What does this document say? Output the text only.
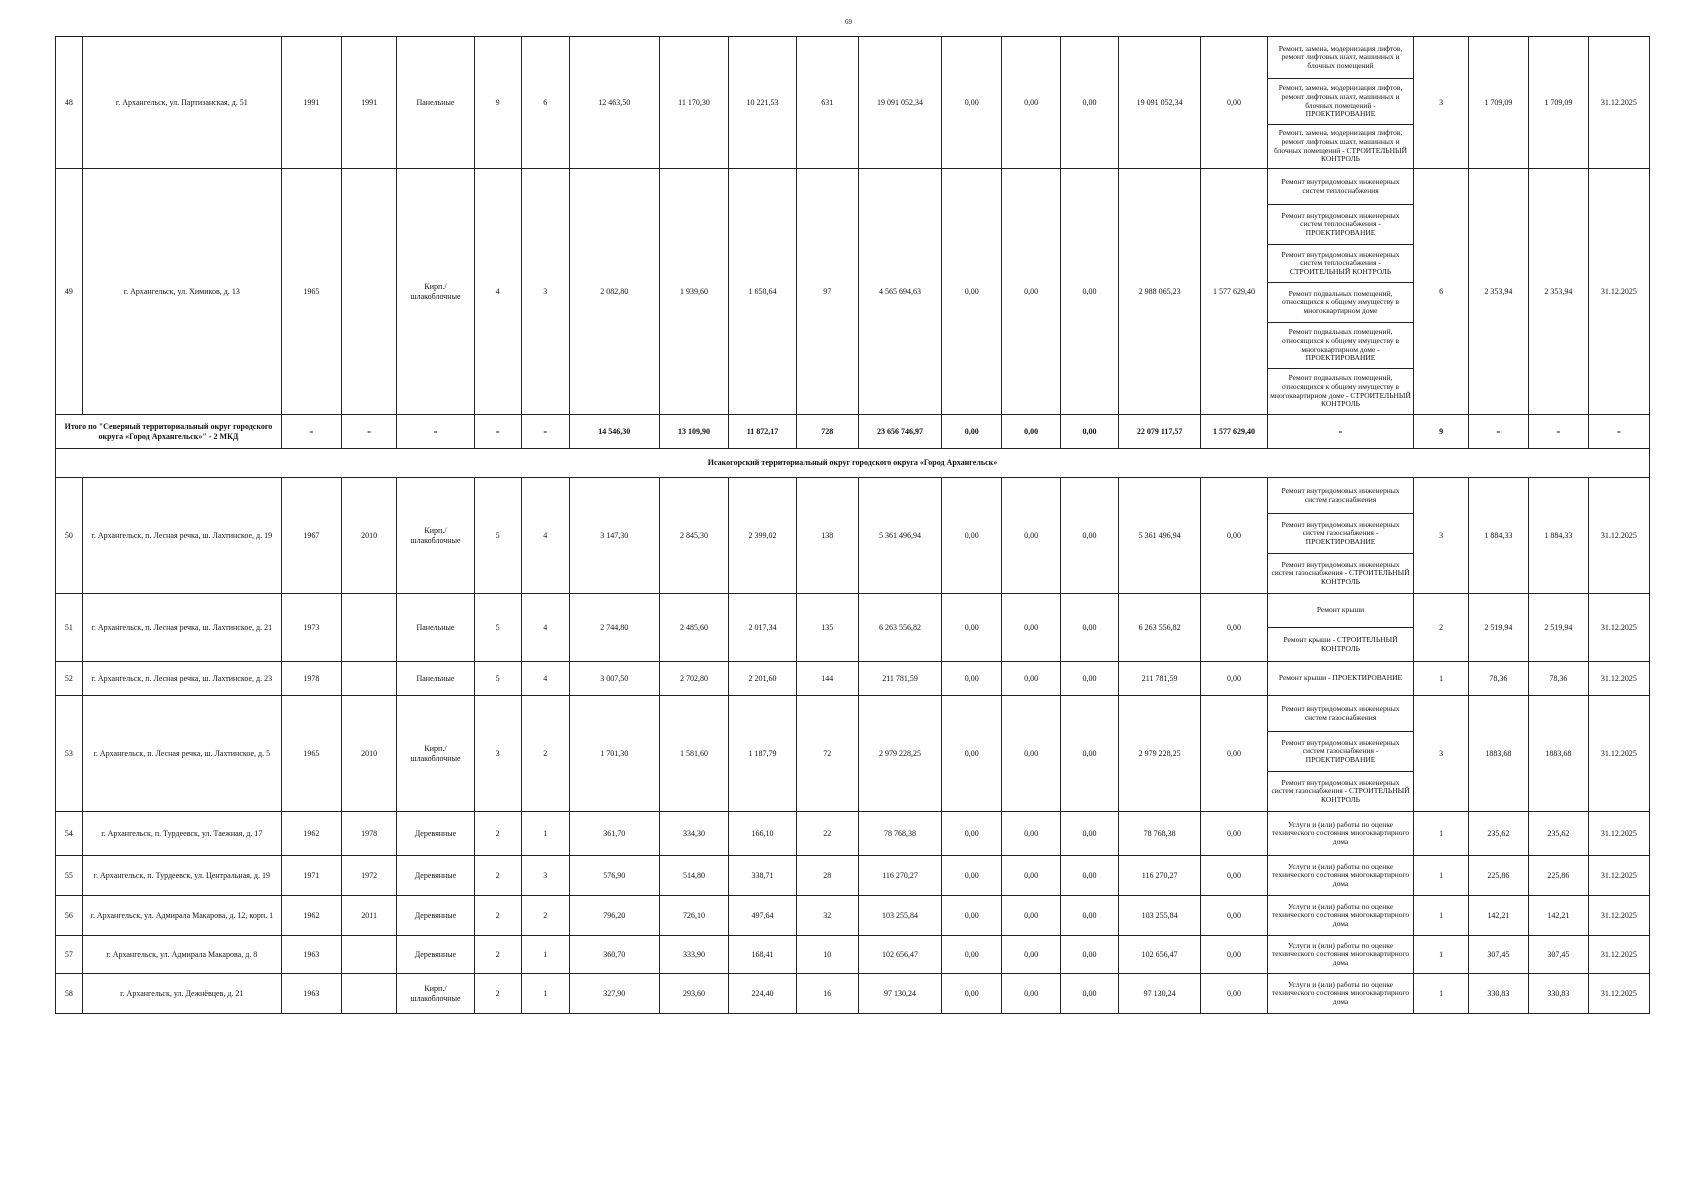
69
48	г. Архангельск, ул. Партизанская, д. 51	1991	1991	Панельные	9	6	12 463,50	11 170,30	10 221,53	631	19 091 052,34	0,00	0,00	0,00	19 091 052,34	0,00	Ремонт, замена, модернизация лифтов, ремонт лифтовых шахт, машинных и блочных помещений	3	1 709,09	1 709,09	31.12.2025
																	Ремонт, замена, модернизация лифтов, ремонт лифтовых шахт, машинных и блочных помещений - ПРОЕКТИРОВАНИЕ				
																	Ремонт, замена, модернизация лифтов, ремонт лифтовых шахт, машинных и блочных помещений - СТРОИТЕЛЬНЫЙ КОНТРОЛЬ				
49	г. Архангельск, ул. Химиков, д. 13	1965		Кирп./ шлакоблочные	4	3	2 082,80	1 939,60	1 650,64	97	4 565 694,63	0,00	0,00	0,00	2 988 065,23	1 577 629,40	Ремонт внутридомовых инженерных систем теплоснабжения	6	2 353,94	2 353,94	31.12.2025
																	Ремонт внутридомовых инженерных систем теплоснабжения - ПРОЕКТИРОВАНИЕ				
																	Ремонт внутридомовых инженерных систем теплоснабжения - СТРОИТЕЛЬНЫЙ КОНТРОЛЬ				
																	Ремонт подвальных помещений, относящихся к общему имуществу в многоквартирном доме				
																	Ремонт подвальных помещений, относящихся к общему имуществу в многоквартирном доме - ПРОЕКТИРОВАНИЕ				
																	Ремонт подвальных помещений, относящихся к общему имуществу в многоквартирном доме - СТРОИТЕЛЬНЫЙ КОНТРОЛЬ				
Итого по "Северный территориальный округ городского округа «Город Архангельск»" - 2 МКД		-	-	-	-	-	14 546,30	13 109,90	11 872,17	728	23 656 746,97	0,00	0,00	0,00	22 079 117,57	1 577 629,40	-	9	-	-	-
Исакогорский территориальный округ городского округа «Город Архангельск»																					
50	г. Архангельск, п. Лесная речка, ш. Лахтинское, д. 19	1967	2010	Кирп./ шлакоблочные	5	4	3 147,30	2 845,30	2 399,02	138	5 361 496,94	0,00	0,00	0,00	5 361 496,94	0,00	Ремонт внутридомовых инженерных систем газоснабжения	3	1 884,33	1 884,33	31.12.2025
																	Ремонт внутридомовых инженерных систем газоснабжения - ПРОЕКТИРОВАНИЕ				
																	Ремонт внутридомовых инженерных систем газоснабжения - СТРОИТЕЛЬНЫЙ КОНТРОЛЬ				
51	г. Архангельск, п. Лесная речка, ш. Лахтинское, д. 21	1973		Панельные	5	4	2 744,80	2 485,60	2 017,34	135	6 263 556,82	0,00	0,00	0,00	6 263 556,82	0,00	Ремонт крыши	2	2 519,94	2 519,94	31.12.2025
																	Ремонт крыши - СТРОИТЕЛЬНЫЙ КОНТРОЛЬ				
52	г. Архангельск, п. Лесная речка, ш. Лахтинское, д. 23	1978		Панельные	5	4	3 007,50	2 702,80	2 201,60	144	211 781,59	0,00	0,00	0,00	211 781,59	0,00	Ремонт крыши - ПРОЕКТИРОВАНИЕ	1	78,36	78,36	31.12.2025
53	г. Архангельск, п. Лесная речка, ш. Лахтинское, д. 5	1965	2010	Кирп./ шлакоблочные	3	2	1 701,30	1 581,60	1 187,79	72	2 979 228,25	0,00	0,00	0,00	2 979 228,25	0,00	Ремонт внутридомовых инженерных систем газоснабжения	3	1883,68	1883,68	31.12.2025
																	Ремонт внутридомовых инженерных систем газоснабжения - ПРОЕКТИРОВАНИЕ				
																	Ремонт внутридомовых инженерных систем газоснабжения - СТРОИТЕЛЬНЫЙ КОНТРОЛЬ				
54	г. Архангельск, п. Турдеевск, ул. Таежная, д. 17	1962	1978	Деревянные	2	1	361,70	334,30	166,10	22	78 768,38	0,00	0,00	0,00	78 768,38	0,00	Услуги и (или) работы по оценке технического состояния многоквартирного дома	1	235,62	235,62	31.12.2025
55	г. Архангельск, п. Турдеевск, ул. Центральная, д. 19	1971	1972	Деревянные	2	3	576,90	514,80	338,71	28	116 270,27	0,00	0,00	0,00	116 270,27	0,00	Услуги и (или) работы по оценке технического состояния многоквартирного дома	1	225,86	225,86	31.12.2025
56	г. Архангельск, ул. Адмирала Макарова, д. 12, корп. 1	1962	2011	Деревянные	2	2	796,20	726,10	497,64	32	103 255,84	0,00	0,00	0,00	103 255,84	0,00	Услуги и (или) работы по оценке технического состояния многоквартирного дома	1	142,21	142,21	31.12.2025
57	г. Архангельск, ул. Адмирала Макарова, д. 8	1963		Деревянные	2	1	360,70	333,90	168,41	10	102 656,47	0,00	0,00	0,00	102 656,47	0,00	Услуги и (или) работы по оценке технического состояния многоквартирного дома	1	307,45	307,45	31.12.2025
58	г. Архангельск, ул. Дежнёвцев, д. 21	1963		Кирп./ шлакоблочные	2	1	327,90	293,60	224,40	16	97 130,24	0,00	0,00	0,00	97 130,24	0,00	Услуги и (или) работы по оценке технического состояния многоквартирного дома	1	330,83	330,83	31.12.2025
